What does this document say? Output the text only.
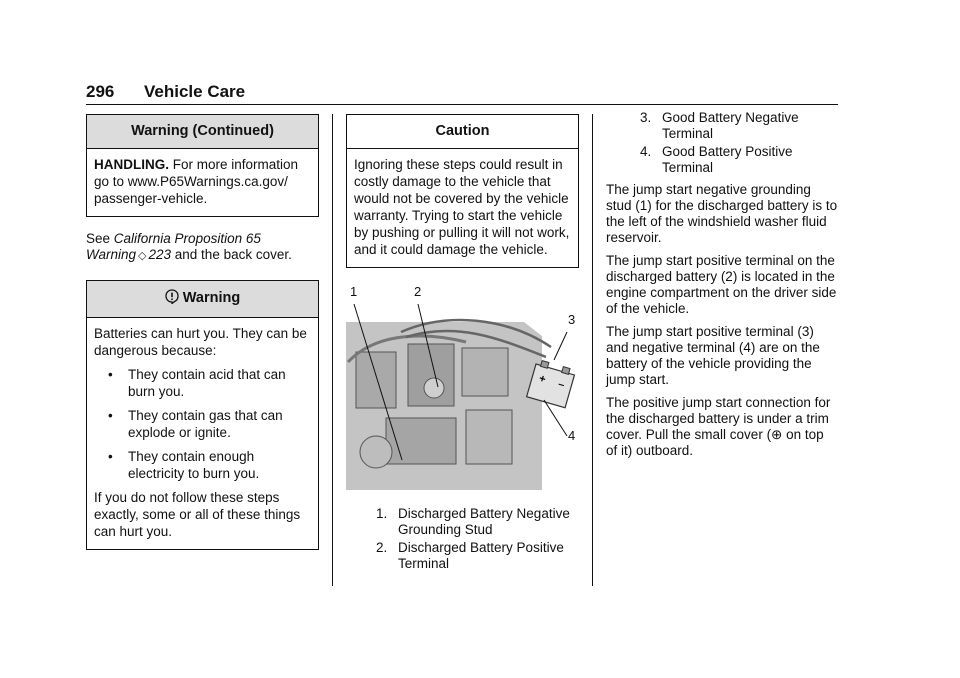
296 Vehicle Care
Warning (Continued)

HANDLING. For more information go to www.P65Warnings.ca.gov/ passenger-vehicle.

See California Proposition 65 Warning ◇ 223 and the back cover.

Warning

Batteries can hurt you. They can be dangerous because:

• They contain acid that can burn you.
• They contain gas that can explode or ignite.
• They contain enough electricity to burn you.

If you do not follow these steps exactly, some or all of these things can hurt you.

Caution

Ignoring these steps could result in costly damage to the vehicle that would not be covered by the vehicle warranty. Trying to start the vehicle by pushing or pulling it will not work, and it could damage the vehicle.

+ –
1	2
3
4
1. Discharged Battery Negative Grounding Stud
2. Discharged Battery Positive Terminal
3. Good Battery Negative Terminal
4. Good Battery Positive Terminal

The jump start negative grounding stud (1) for the discharged battery is to the left of the windshield washer fluid reservoir.

The jump start positive terminal on the discharged battery (2) is located in the engine compartment on the driver side of the vehicle.

The jump start positive terminal (3) and negative terminal (4) are on the battery of the vehicle providing the jump start.

The positive jump start connection for the discharged battery is under a trim cover. Pull the small cover (⊕ on top of it) outboard.
